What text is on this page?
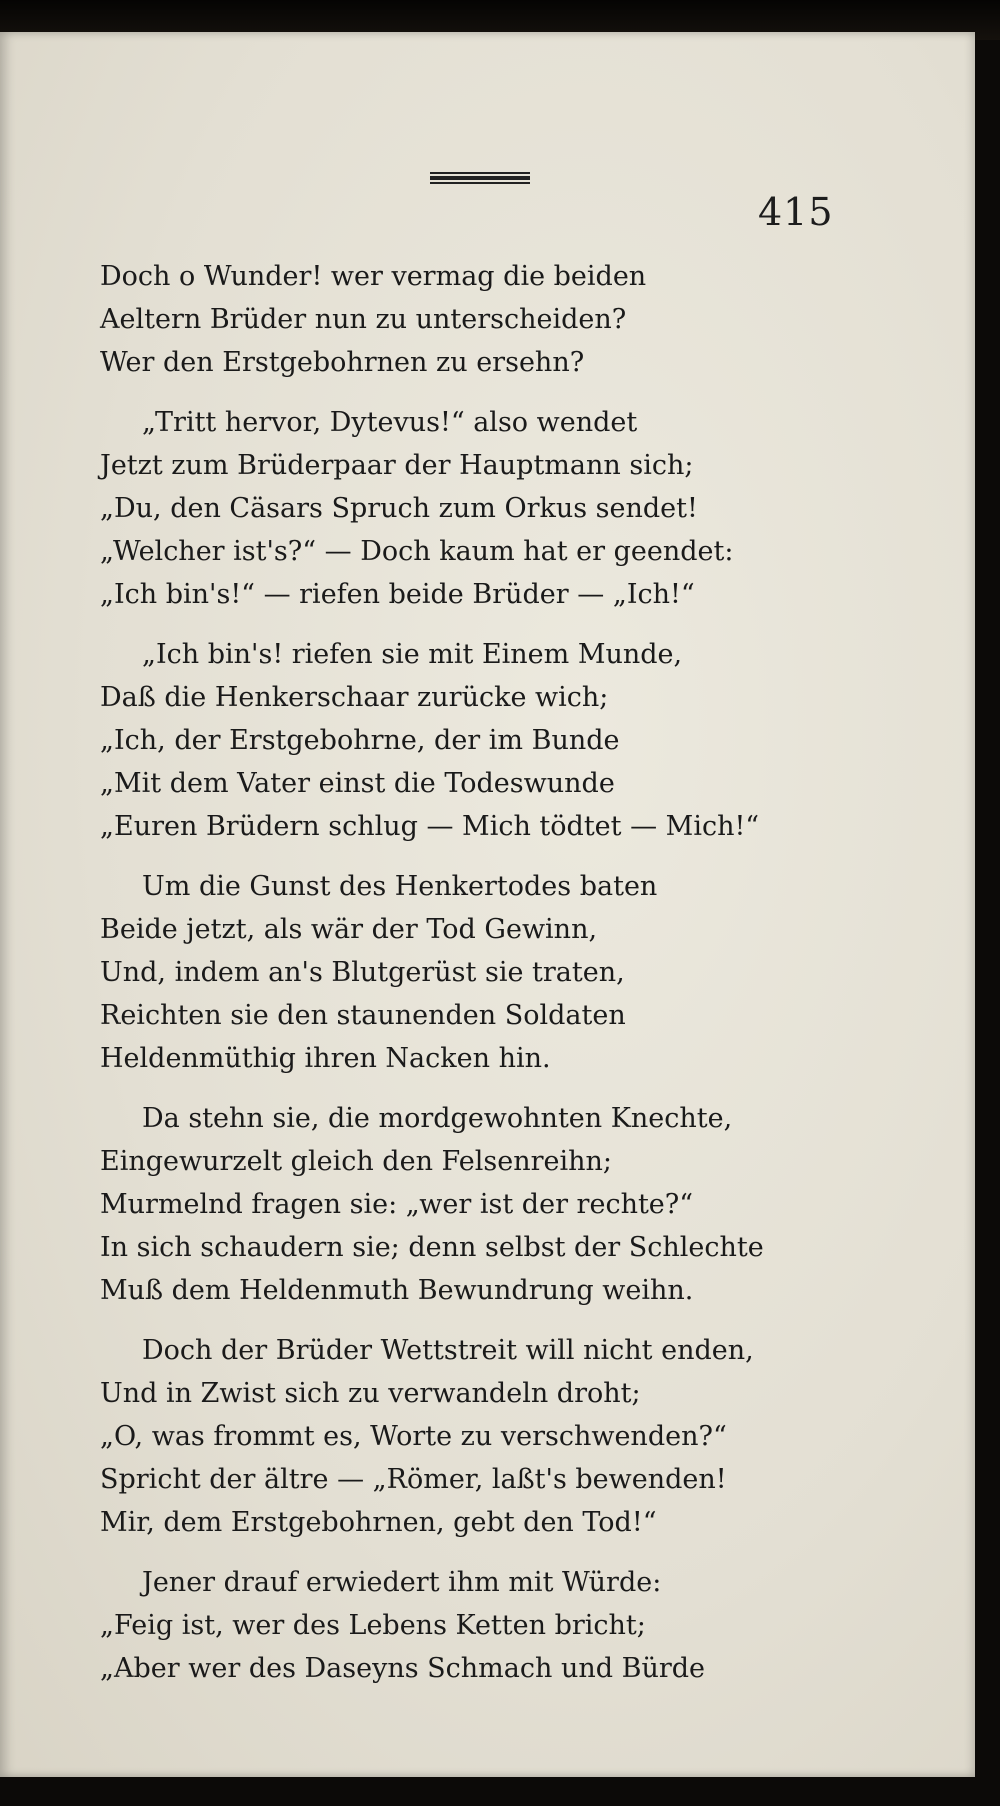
415
Doch o Wunder! wer vermag die beiden
Aeltern Brüder nun zu unterscheiden?
Wer den Erstgebohrnen zu ersehn?
„Tritt hervor, Dytevus!“ also wendet
Jetzt zum Brüderpaar der Hauptmann sich;
„Du, den Cäsars Spruch zum Orkus sendet!
„Welcher ist's?“ — Doch kaum hat er geendet:
„Ich bin's!“ — riefen beide Brüder — „Ich!“
„Ich bin's! riefen sie mit Einem Munde,
Daß die Henkerschaar zurücke wich;
„Ich, der Erstgebohrne, der im Bunde
„Mit dem Vater einst die Todeswunde
„Euren Brüdern schlug — Mich tödtet — Mich!“
Um die Gunst des Henkertodes baten
Beide jetzt, als wär der Tod Gewinn,
Und, indem an's Blutgerüst sie traten,
Reichten sie den staunenden Soldaten
Heldenmüthig ihren Nacken hin.
Da stehn sie, die mordgewohnten Knechte,
Eingewurzelt gleich den Felsenreihn;
Murmelnd fragen sie: „wer ist der rechte?“
In sich schaudern sie; denn selbst der Schlechte
Muß dem Heldenmuth Bewundrung weihn.
Doch der Brüder Wettstreit will nicht enden,
Und in Zwist sich zu verwandeln droht;
„O, was frommt es, Worte zu verschwenden?“
Spricht der ältre — „Römer, laßt's bewenden!
Mir, dem Erstgebohrnen, gebt den Tod!“
Jener drauf erwiedert ihm mit Würde:
„Feig ist, wer des Lebens Ketten bricht;
„Aber wer des Daseyns Schmach und Bürde
